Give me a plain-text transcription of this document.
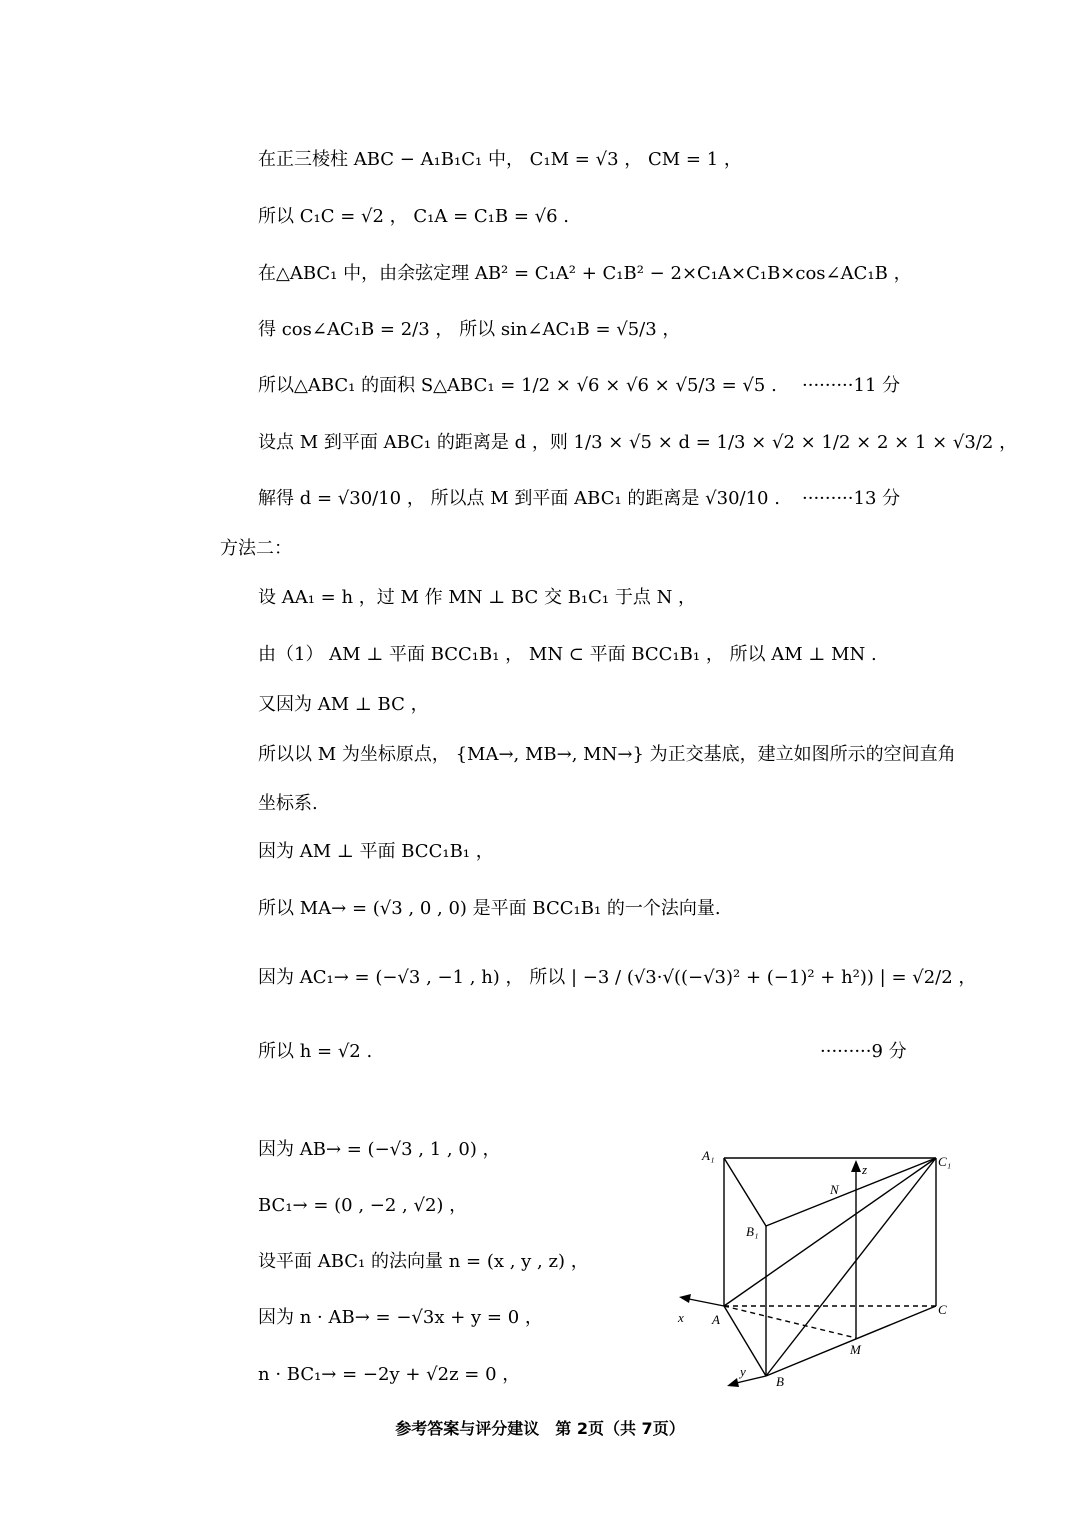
在正三棱柱 ABC − A₁B₁C₁ 中， C₁M = √3 ， CM = 1 ，
所以 C₁C = √2 ， C₁A = C₁B = √6 .
在△ABC₁ 中，由余弦定理 AB² = C₁A² + C₁B² − 2×C₁A×C₁B×cos∠AC₁B ，
得 cos∠AC₁B = 2/3 ， 所以 sin∠AC₁B = √5/3 ，
所以△ABC₁ 的面积 S△ABC₁ = 1/2 × √6 × √6 × √5/3 = √5 . ·········11 分
设点 M 到平面 ABC₁ 的距离是 d ，则 1/3 × √5 × d = 1/3 × √2 × 1/2 × 2 × 1 × √3/2 ，
解得 d = √30/10 ， 所以点 M 到平面 ABC₁ 的距离是 √30/10 . ·········13 分
方法二：
设 AA₁ = h ，过 M 作 MN ⊥ BC 交 B₁C₁ 于点 N ，
由（1） AM ⊥ 平面 BCC₁B₁ ， MN ⊂ 平面 BCC₁B₁ ， 所以 AM ⊥ MN .
又因为 AM ⊥ BC ，
所以以 M 为坐标原点， {MA→, MB→, MN→} 为正交基底，建立如图所示的空间直角
坐标系.
因为 AM ⊥ 平面 BCC₁B₁ ，
所以 MA→ = (√3 , 0 , 0) 是平面 BCC₁B₁ 的一个法向量.
因为 AC₁→ = (−√3 , −1 , h) ， 所以 | −3 / (√3·√((−√3)² + (−1)² + h²)) | = √2/2 ，
所以 h = √2 .	·········9 分
因为 AB→ = (−√3 , 1 , 0) ，
BC₁→ = (0 , −2 , √2) ，
设平面 ABC₁ 的法向量 n = (x , y , z) ，
因为 n · AB→ = −√3x + y = 0 ，
n · BC₁→ = −2y + √2z = 0 ，
A₁	C₁
B₁
N
z
x A
C
M
B
y
参考答案与评分建议　第 2页（共 7页）
